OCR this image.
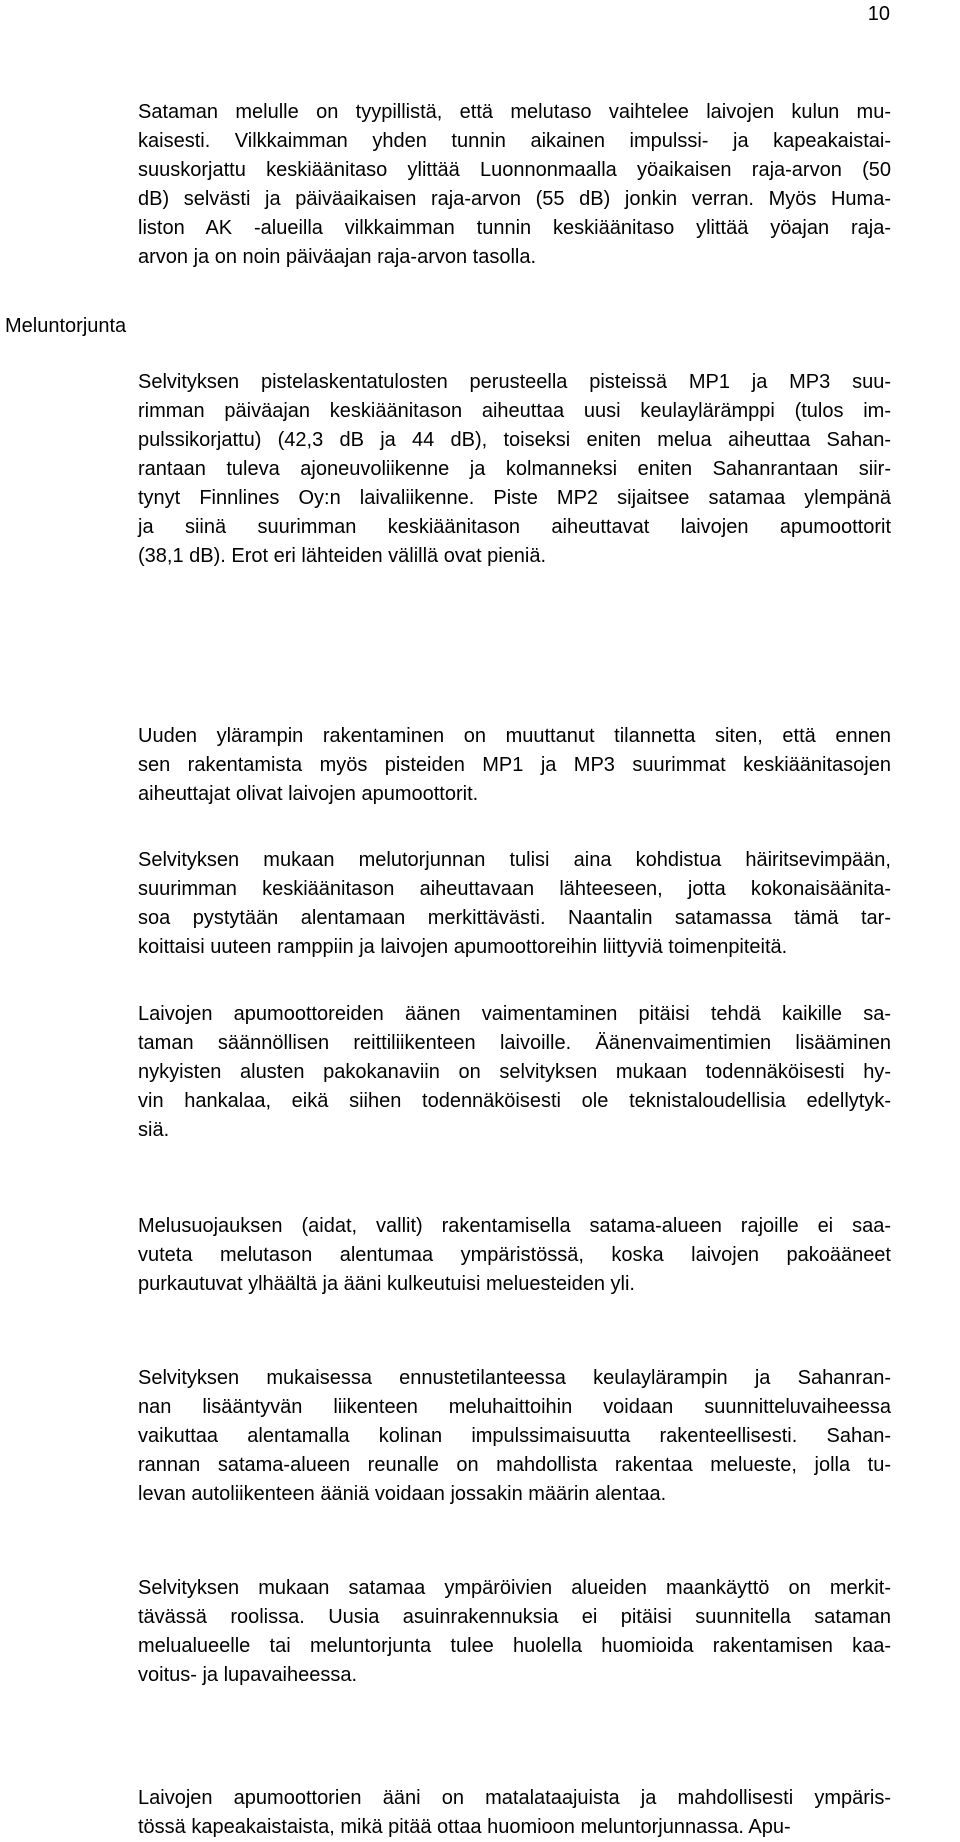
10
Meluntorjunta
Sataman melulle on tyypillistä, että melutaso vaihtelee laivojen kulun mu-
kaisesti. Vilkkaimman yhden tunnin aikainen impulssi- ja kapeakaistai-
suuskorjattu keskiäänitaso ylittää Luonnonmaalla yöaikaisen raja-arvon (50
dB) selvästi ja päiväaikaisen raja-arvon (55 dB) jonkin verran. Myös Huma-
liston AK -alueilla vilkkaimman tunnin keskiäänitaso ylittää yöajan raja-
arvon ja on noin päiväajan raja-arvon tasolla.
Selvityksen pistelaskentatulosten perusteella pisteissä MP1 ja MP3 suu-
rimman päiväajan keskiäänitason aiheuttaa uusi keulaylärämppi (tulos im-
pulssikorjattu) (42,3 dB ja 44 dB), toiseksi eniten melua aiheuttaa Sahan-
rantaan tuleva ajoneuvoliikenne ja kolmanneksi eniten Sahanrantaan siir-
tynyt Finnlines Oy:n laivaliikenne. Piste MP2 sijaitsee satamaa ylempänä
ja siinä suurimman keskiäänitason aiheuttavat laivojen apumoottorit
(38,1 dB). Erot eri lähteiden välillä ovat pieniä.
Uuden ylärampin rakentaminen on muuttanut tilannetta siten, että ennen
sen rakentamista myös pisteiden MP1 ja MP3 suurimmat keskiäänitasojen
aiheuttajat olivat laivojen apumoottorit.
Selvityksen mukaan melutorjunnan tulisi aina kohdistua häiritsevimpään,
suurimman keskiäänitason aiheuttavaan lähteeseen, jotta kokonaisäänita-
soa pystytään alentamaan merkittävästi. Naantalin satamassa tämä tar-
koittaisi uuteen ramppiin ja laivojen apumoottoreihin liittyviä toimenpiteitä.
Laivojen apumoottoreiden äänen vaimentaminen pitäisi tehdä kaikille sa-
taman säännöllisen reittiliikenteen laivoille. Äänenvaimentimien lisääminen
nykyisten alusten pakokanaviin on selvityksen mukaan todennäköisesti hy-
vin hankalaa, eikä siihen todennäköisesti ole teknistaloudellisia edellytyk-
siä.
Melusuojauksen (aidat, vallit) rakentamisella satama-alueen rajoille ei saa-
vuteta melutason alentumaa ympäristössä, koska laivojen pakoääneet
purkautuvat ylhäältä ja ääni kulkeutuisi meluesteiden yli.
Selvityksen mukaisessa ennustetilanteessa keulaylärampin ja Sahanran-
nan lisääntyvän liikenteen meluhaittoihin voidaan suunnitteluvaiheessa
vaikuttaa alentamalla kolinan impulssimaisuutta rakenteellisesti. Sahan-
rannan satama-alueen reunalle on mahdollista rakentaa melueste, jolla tu-
levan autoliikenteen ääniä voidaan jossakin määrin alentaa.
Selvityksen mukaan satamaa ympäröivien alueiden maankäyttö on merkit-
tävässä roolissa. Uusia asuinrakennuksia ei pitäisi suunnitella sataman
melualueelle tai meluntorjunta tulee huolella huomioida rakentamisen kaa-
voitus- ja lupavaiheessa.
Laivojen apumoottorien ääni on matalataajuista ja mahdollisesti ympäris-
tössä kapeakaistaista, mikä pitää ottaa huomioon meluntorjunnassa. Apu-
